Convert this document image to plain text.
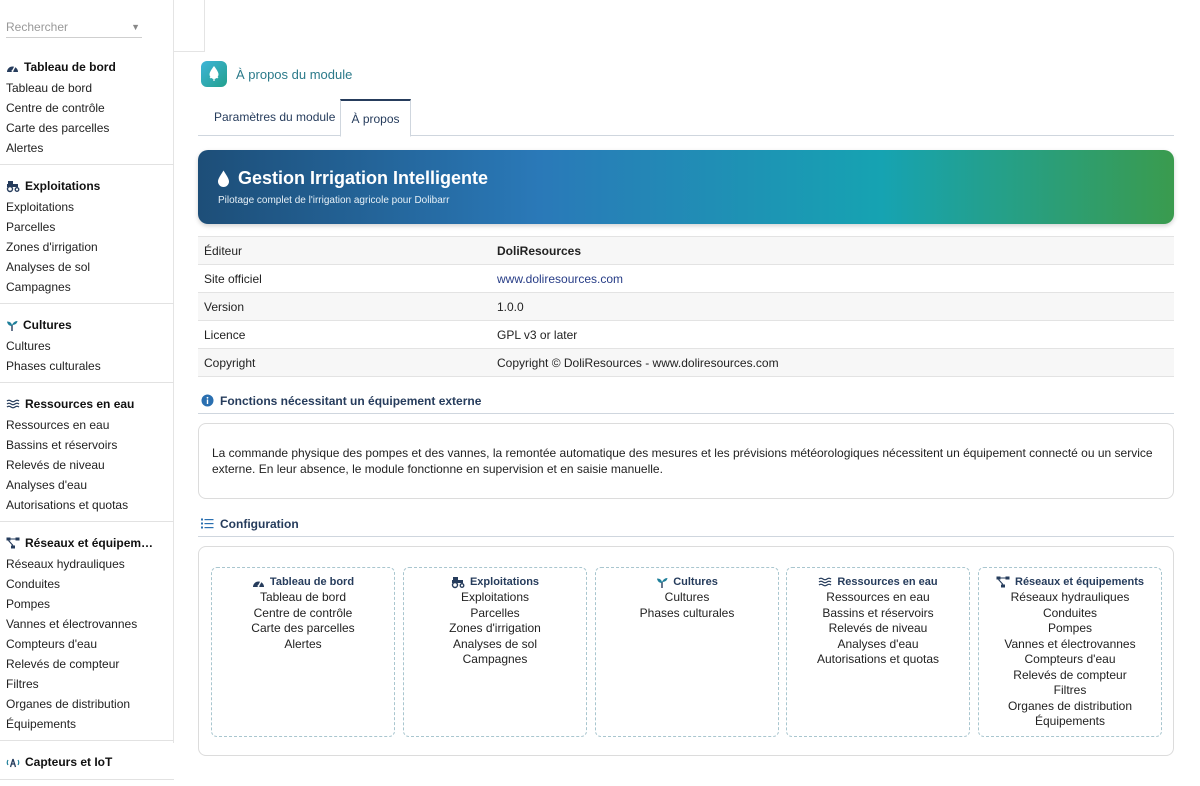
Rechercher	▼
Tableau de bord
Tableau de bord
Centre de contrôle
Carte des parcelles
Alertes
Exploitations
Exploitations
Parcelles
Zones d'irrigation
Analyses de sol
Campagnes
Cultures
Cultures
Phases culturales
Ressources en eau
Ressources en eau
Bassins et réservoirs
Relevés de niveau
Analyses d'eau
Autorisations et quotas
Réseaux et équipem…
Réseaux hydrauliques
Conduites
Pompes
Vannes et électrovannes
Compteurs d'eau
Relevés de compteur
Filtres
Organes de distribution
Équipements
Capteurs et IoT
À propos du module
Paramètres du module	À propos
Gestion Irrigation Intelligente
Pilotage complet de l'irrigation agricole pour Dolibarr
Éditeur	DoliResources
Site officiel	www.doliresources.com
Version	1.0.0
Licence	GPL v3 or later
Copyright	Copyright © DoliResources - www.doliresources.com
Fonctions nécessitant un équipement externe
La commande physique des pompes et des vannes, la remontée automatique des mesures et les prévisions météorologiques nécessitent un équipement connecté ou un service externe. En leur absence, le module fonctionne en supervision et en saisie manuelle.
Configuration
Tableau de bord
Tableau de bord
Centre de contrôle
Carte des parcelles
Alertes
Exploitations
Exploitations
Parcelles
Zones d'irrigation
Analyses de sol
Campagnes
Cultures
Cultures
Phases culturales
Ressources en eau
Ressources en eau
Bassins et réservoirs
Relevés de niveau
Analyses d'eau
Autorisations et quotas
Réseaux et équipements
Réseaux hydrauliques
Conduites
Pompes
Vannes et électrovannes
Compteurs d'eau
Relevés de compteur
Filtres
Organes de distribution
Équipements
